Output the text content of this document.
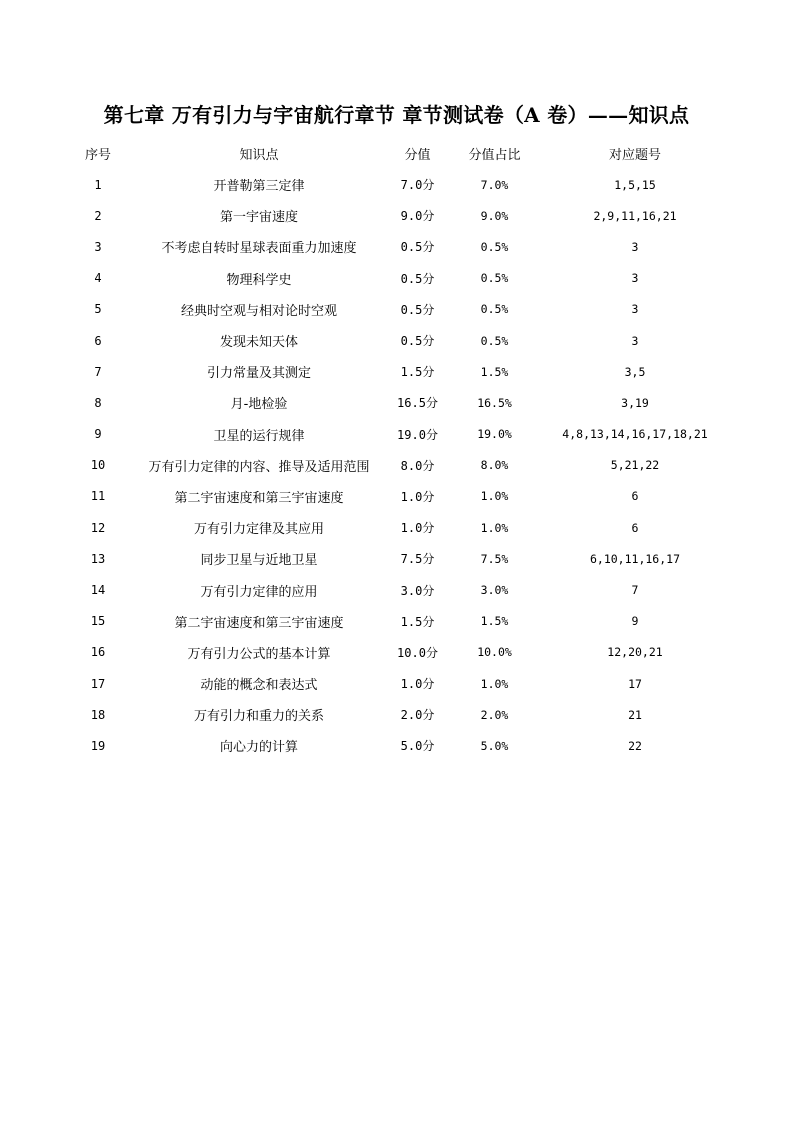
第七章 万有引力与宇宙航行章节 章节测试卷（A 卷）——知识点
序号	知识点	分值	分值占比	对应题号
1	开普勒第三定律	7.0分	7.0%	1,5,15
2	第一宇宙速度	9.0分	9.0%	2,9,11,16,21
3	不考虑自转时星球表面重力加速度	0.5分	0.5%	3
4	物理科学史	0.5分	0.5%	3
5	经典时空观与相对论时空观	0.5分	0.5%	3
6	发现未知天体	0.5分	0.5%	3
7	引力常量及其测定	1.5分	1.5%	3,5
8	月-地检验	16.5分	16.5%	3,19
9	卫星的运行规律	19.0分	19.0%	4,8,13,14,16,17,18,21
10	万有引力定律的内容、推导及适用范围	8.0分	8.0%	5,21,22
11	第二宇宙速度和第三宇宙速度	1.0分	1.0%	6
12	万有引力定律及其应用	1.0分	1.0%	6
13	同步卫星与近地卫星	7.5分	7.5%	6,10,11,16,17
14	万有引力定律的应用	3.0分	3.0%	7
15	第二宇宙速度和第三宇宙速度	1.5分	1.5%	9
16	万有引力公式的基本计算	10.0分	10.0%	12,20,21
17	动能的概念和表达式	1.0分	1.0%	17
18	万有引力和重力的关系	2.0分	2.0%	21
19	向心力的计算	5.0分	5.0%	22
